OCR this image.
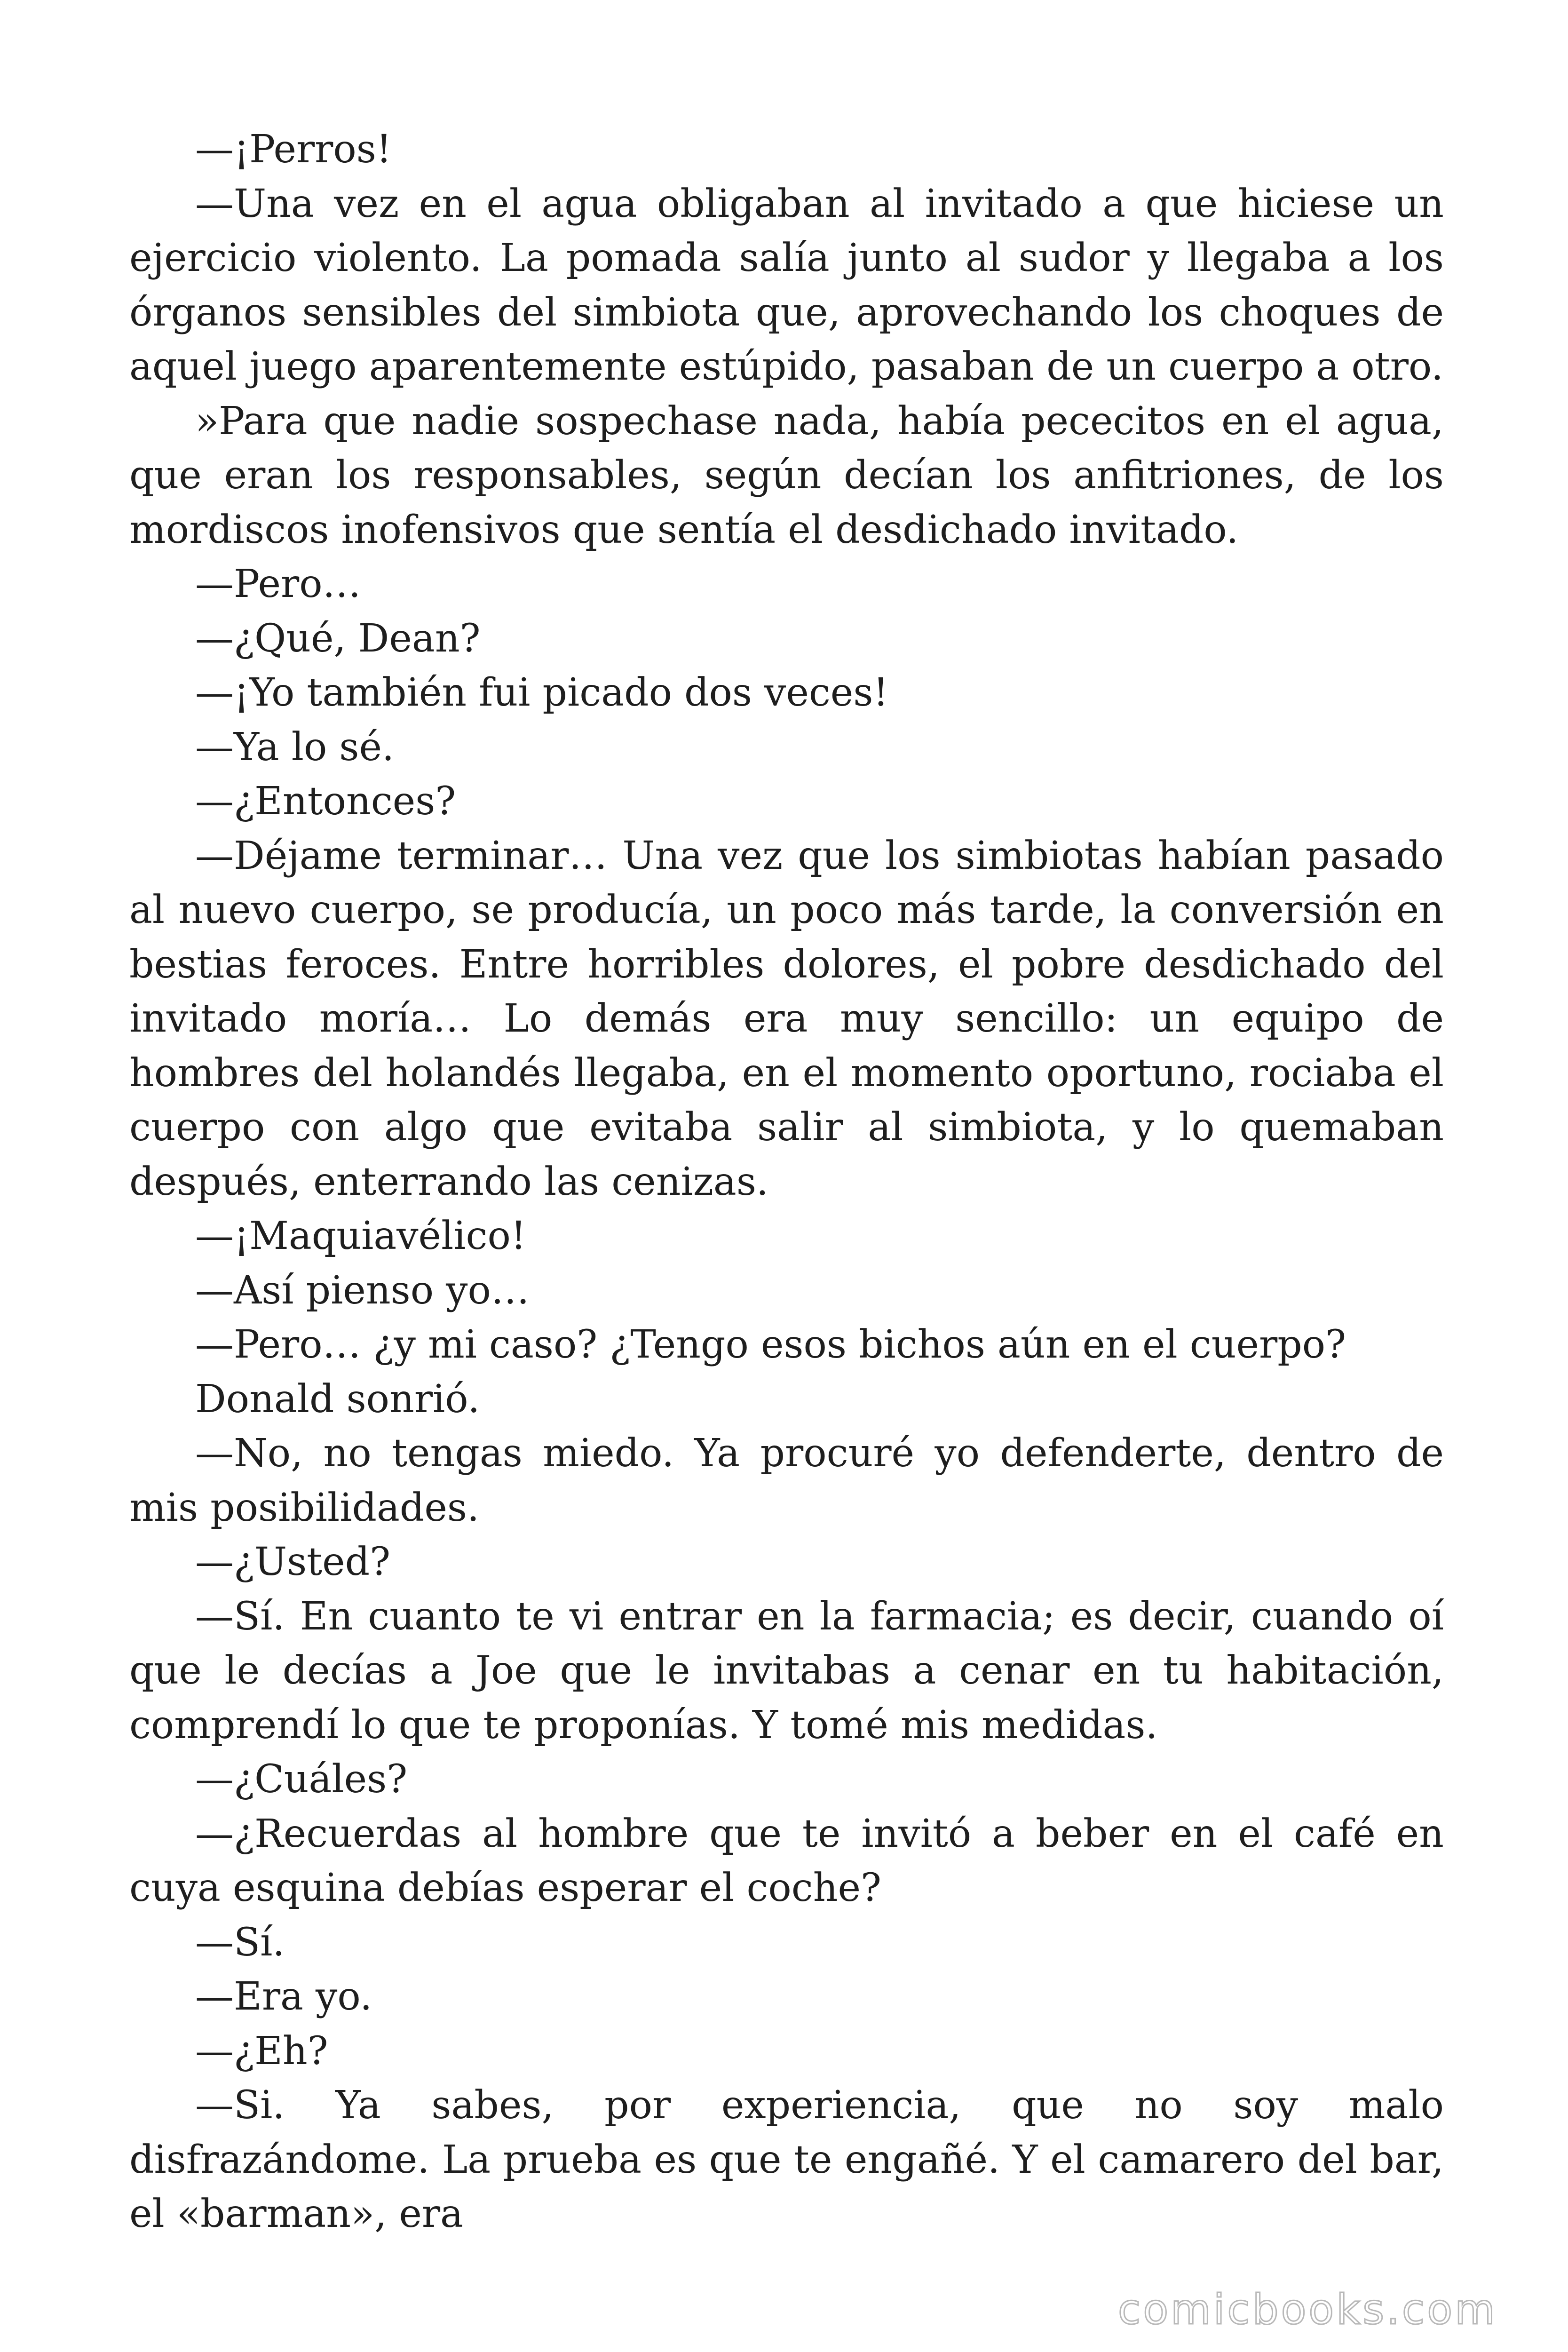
—¡Perros!

—Una vez en el agua obligaban al invitado a que hiciese un ejercicio violento. La pomada salía junto al sudor y llegaba a los órganos sensibles del simbiota que, aprovechando los choques de aquel juego aparentemente estúpido, pasaban de un cuerpo a otro.

»Para que nadie sospechase nada, había pececitos en el agua, que eran los responsables, según decían los anfitriones, de los mordiscos inofensivos que sentía el desdichado invitado.

—Pero…

—¿Qué, Dean?

—¡Yo también fui picado dos veces!

—Ya lo sé.

—¿Entonces?

—Déjame terminar… Una vez que los simbiotas habían pasado al nuevo cuerpo, se producía, un poco más tarde, la conversión en bestias feroces. Entre horribles dolores, el pobre desdichado del invitado moría… Lo demás era muy sencillo: un equipo de hombres del holandés llegaba, en el momento oportuno, rociaba el cuerpo con algo que evitaba salir al simbiota, y lo quemaban después, enterrando las cenizas.

—¡Maquiavélico!

—Así pienso yo…

—Pero… ¿y mi caso? ¿Tengo esos bichos aún en el cuerpo?

Donald sonrió.

—No, no tengas miedo. Ya procuré yo defenderte, dentro de mis posibilidades.

—¿Usted?

—Sí. En cuanto te vi entrar en la farmacia; es decir, cuando oí que le decías a Joe que le invitabas a cenar en tu habitación, comprendí lo que te proponías. Y tomé mis medidas.

—¿Cuáles?

—¿Recuerdas al hombre que te invitó a beber en el café en cuya esquina debías esperar el coche?

—Sí.

—Era yo.

—¿Eh?

—Si. Ya sabes, por experiencia, que no soy malo disfrazándome. La prueba es que te engañé. Y el camarero del bar, el «barman», era

comicbooks.com
